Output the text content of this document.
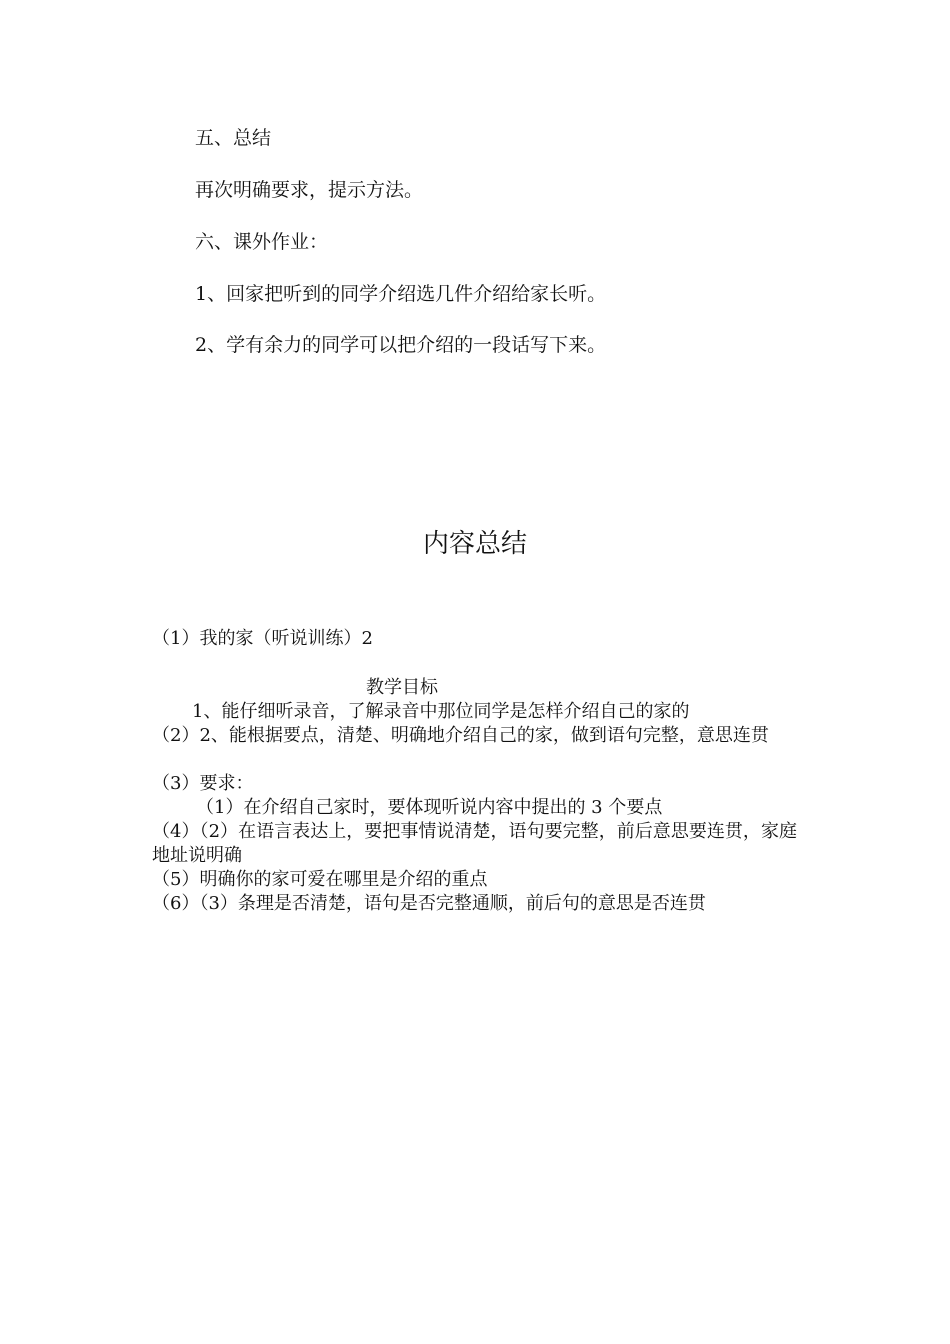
五、总结
再次明确要求，提示方法。
六、课外作业：
1、回家把听到的同学介绍选几件介绍给家长听。
2、学有余力的同学可以把介绍的一段话写下来。
内容总结
（1）我的家（听说训练）2
教学目标
1、能仔细听录音，了解录音中那位同学是怎样介绍自己的家的
（2）2、能根据要点，清楚、明确地介绍自己的家，做到语句完整，意思连贯
（3）要求：
（1）在介绍自己家时，要体现听说内容中提出的 3 个要点
（4）（2）在语言表达上，要把事情说清楚，语句要完整，前后意思要连贯，家庭地址说明确
（5）明确你的家可爱在哪里是介绍的重点
（6）（3）条理是否清楚，语句是否完整通顺，前后句的意思是否连贯
